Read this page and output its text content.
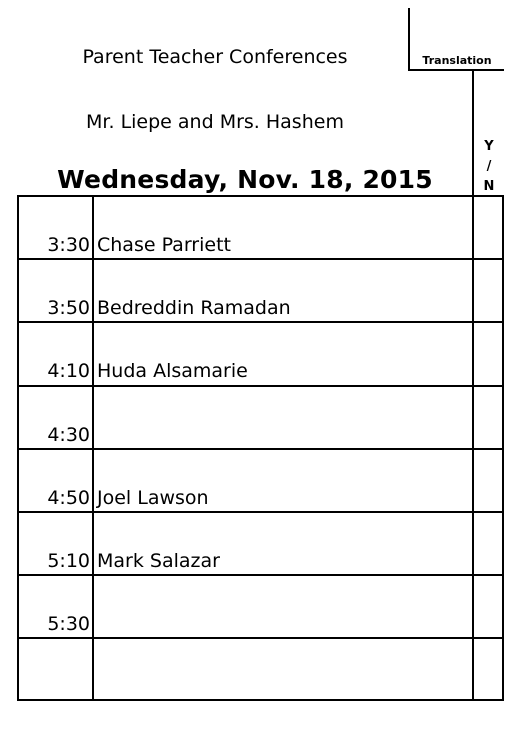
Parent Teacher Conferences
Mr. Liepe and Mrs. Hashem
Wednesday, Nov. 18, 2015
Translation
Y
/
N
3:30 Chase Parriett
3:50 Bedreddin Ramadan
4:10 Huda Alsamarie
4:30
4:50 Joel Lawson
5:10 Mark Salazar
5:30
